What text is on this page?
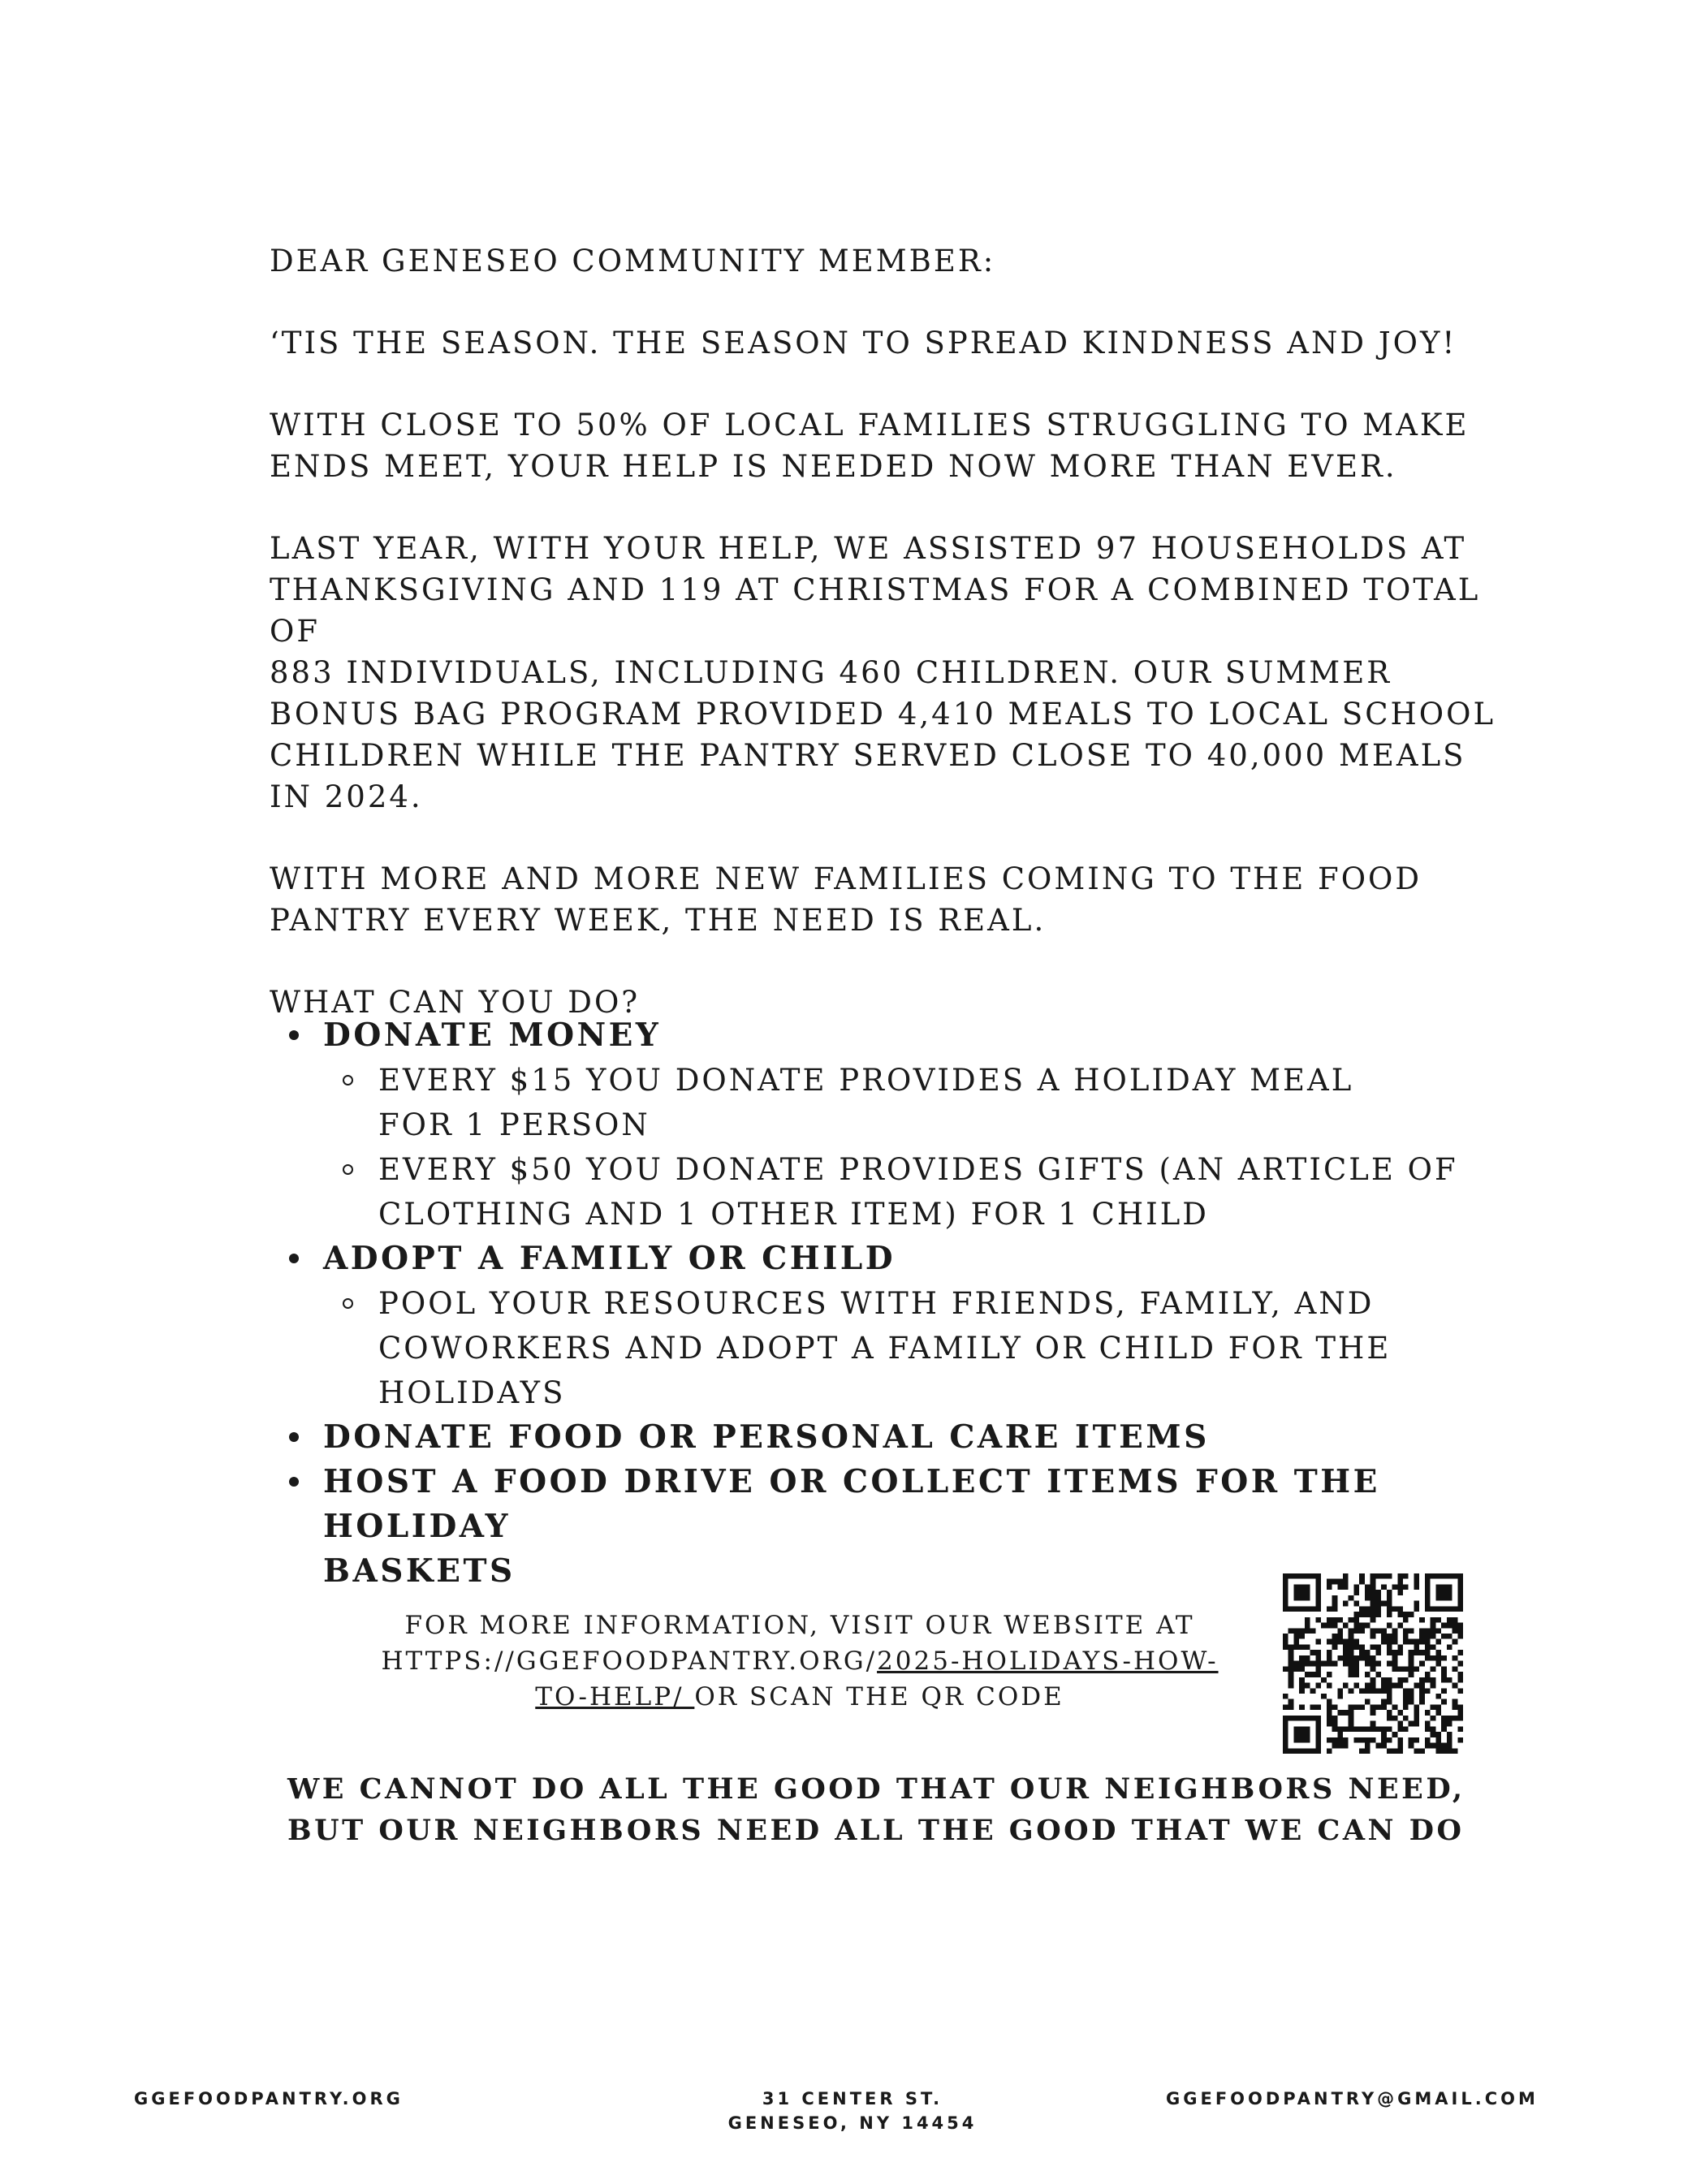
DEAR GENESEO COMMUNITY MEMBER:

‘TIS THE SEASON. THE SEASON TO SPREAD KINDNESS AND JOY!

WITH CLOSE TO 50% OF LOCAL FAMILIES STRUGGLING TO MAKE
ENDS MEET, YOUR HELP IS NEEDED NOW MORE THAN EVER.

LAST YEAR, WITH YOUR HELP, WE ASSISTED 97 HOUSEHOLDS AT
THANKSGIVING AND 119 AT CHRISTMAS FOR A COMBINED TOTAL OF
883 INDIVIDUALS, INCLUDING 460 CHILDREN. OUR SUMMER
BONUS BAG PROGRAM PROVIDED 4,410 MEALS TO LOCAL SCHOOL
CHILDREN WHILE THE PANTRY SERVED CLOSE TO 40,000 MEALS
IN 2024.

WITH MORE AND MORE NEW FAMILIES COMING TO THE FOOD
PANTRY EVERY WEEK, THE NEED IS REAL.

WHAT CAN YOU DO?

DONATE MONEY
EVERY $15 YOU DONATE PROVIDES A HOLIDAY MEAL
FOR 1 PERSON
EVERY $50 YOU DONATE PROVIDES GIFTS (AN ARTICLE OF
CLOTHING AND 1 OTHER ITEM) FOR 1 CHILD
ADOPT A FAMILY OR CHILD
POOL YOUR RESOURCES WITH FRIENDS, FAMILY, AND
COWORKERS AND ADOPT A FAMILY OR CHILD FOR THE
HOLIDAYS
DONATE FOOD OR PERSONAL CARE ITEMS
HOST A FOOD DRIVE OR COLLECT ITEMS FOR THE HOLIDAY
BASKETS
FOR MORE INFORMATION, VISIT OUR WEBSITE AT
HTTPS://GGEFOODPANTRY.ORG/2025-HOLIDAYS-HOW-
TO-HELP/ OR SCAN THE QR CODE
WE CANNOT DO ALL THE GOOD THAT OUR NEIGHBORS NEED,
BUT OUR NEIGHBORS NEED ALL THE GOOD THAT WE CAN DO
GGEFOODPANTRY.ORG	31 CENTER ST.
GENESEO, NY 14454
GGEFOODPANTRY@GMAIL.COM
